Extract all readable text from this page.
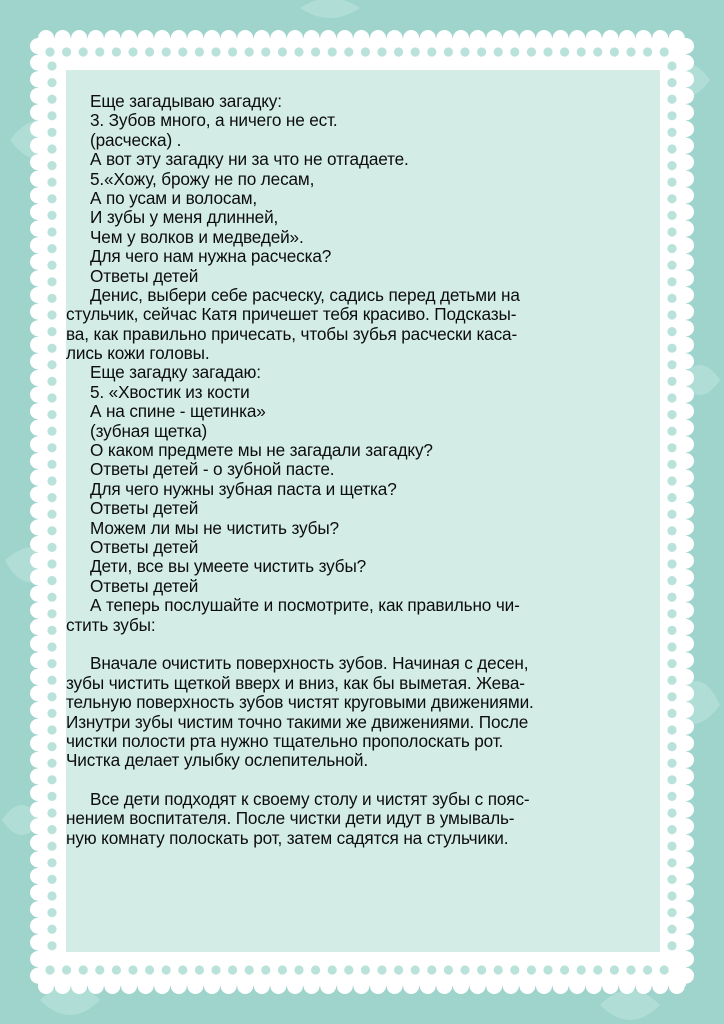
Еще загадываю загадку:
3. Зубов много, а ничего не ест.
(расческа) .
А вот эту загадку ни за что не отгадаете.
5.«Хожу, брожу не по лесам,
А по усам и волосам,
И зубы у меня длинней,
Чем у волков и медведей».
Для чего нам нужна расческа?
Ответы детей
Денис, выбери себе расческу, садись перед детьми на
стульчик, сейчас Катя причешет тебя красиво. Подсказы-
ва, как правильно причесать, чтобы зубья расчески каса-
лись кожи головы.
Еще загадку загадаю:
5. «Хвостик из кости
А на спине - щетинка»
(зубная щетка)
О каком предмете мы не загадали загадку?
Ответы детей - о зубной пасте.
Для чего нужны зубная паста и щетка?
Ответы детей
Можем ли мы не чистить зубы?
Ответы детей
Дети, все вы умеете чистить зубы?
Ответы детей
А теперь послушайте и посмотрите, как правильно чи-
стить зубы:
Вначале очистить поверхность зубов. Начиная с десен,
зубы чистить щеткой вверх и вниз, как бы выметая. Жева-
тельную поверхность зубов чистят круговыми движениями.
Изнутри зубы чистим точно такими же движениями. После
чистки полости рта нужно тщательно прополоскать рот.
Чистка делает улыбку ослепительной.
Все дети подходят к своему столу и чистят зубы с пояс-
нением воспитателя. После чистки дети идут в умываль-
ную комнату полоскать рот, затем садятся на стульчики.
